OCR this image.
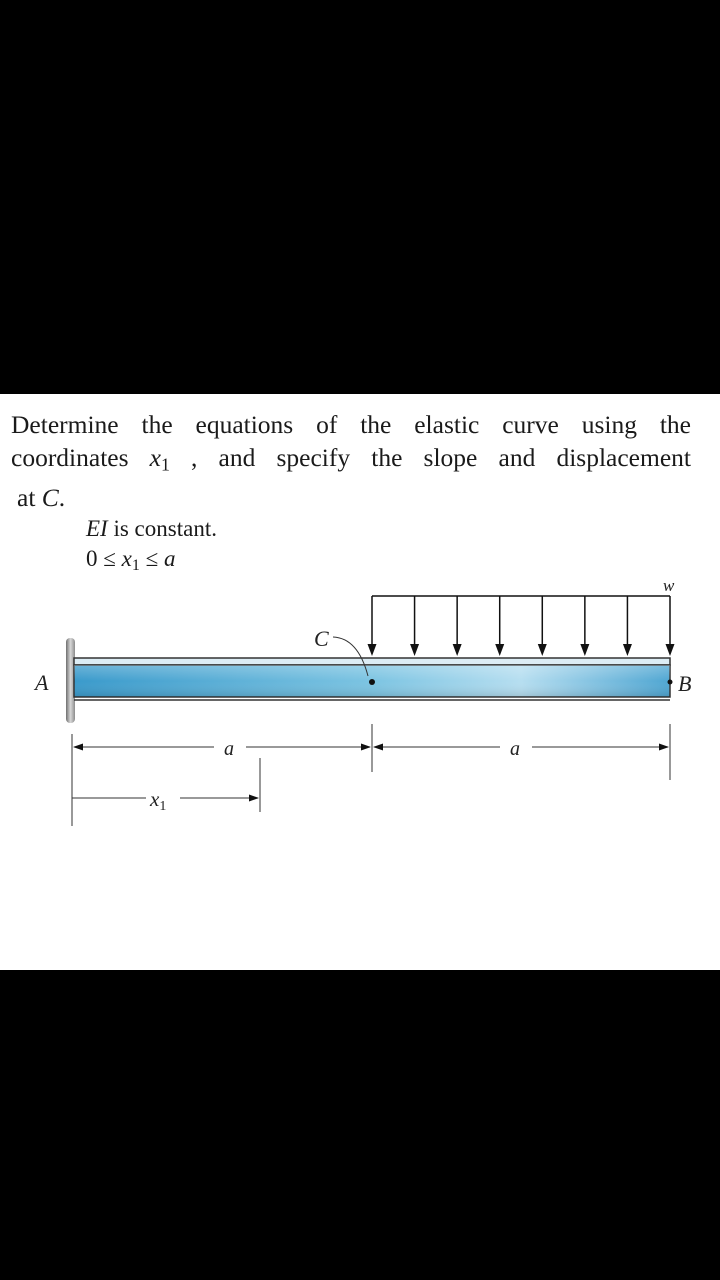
Determine the equations of the elastic curve using the
coordinates $x_1$ , and specify the slope and displacement
at C.

EI is constant.
$0 \le x_1 \le a$
A	B
C
w
a	a
x1
